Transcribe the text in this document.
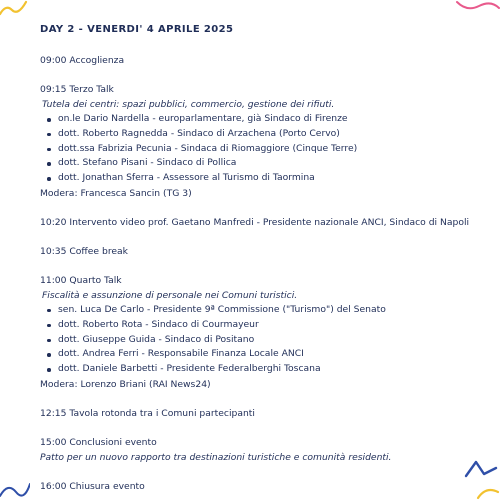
DAY 2 - VENERDI' 4 APRILE 2025

09:00 Accoglienza

09:15 Terzo Talk

Tutela dei centri: spazi pubblici, commercio, gestione dei rifiuti.

on.le Dario Nardella - europarlamentare, già Sindaco di Firenze
dott. Roberto Ragnedda - Sindaco di Arzachena (Porto Cervo)
dott.ssa Fabrizia Pecunia - Sindaca di Riomaggiore (Cinque Terre)
dott. Stefano Pisani - Sindaco di Pollica
dott. Jonathan Sferra - Assessore al Turismo di Taormina

Modera: Francesca Sancin (TG 3)

10:20 Intervento video prof. Gaetano Manfredi - Presidente nazionale ANCI, Sindaco di Napoli

10:35 Coffee break

11:00 Quarto Talk

Fiscalità e assunzione di personale nei Comuni turistici.

sen. Luca De Carlo - Presidente 9ª Commissione ("Turismo") del Senato
dott. Roberto Rota - Sindaco di Courmayeur
dott. Giuseppe Guida - Sindaco di Positano
dott. Andrea Ferri - Responsabile Finanza Locale ANCI
dott. Daniele Barbetti - Presidente Federalberghi Toscana

Modera: Lorenzo Briani (RAI News24)

12:15 Tavola rotonda tra i Comuni partecipanti

15:00 Conclusioni evento

Patto per un nuovo rapporto tra destinazioni turistiche e comunità residenti.

16:00 Chiusura evento
